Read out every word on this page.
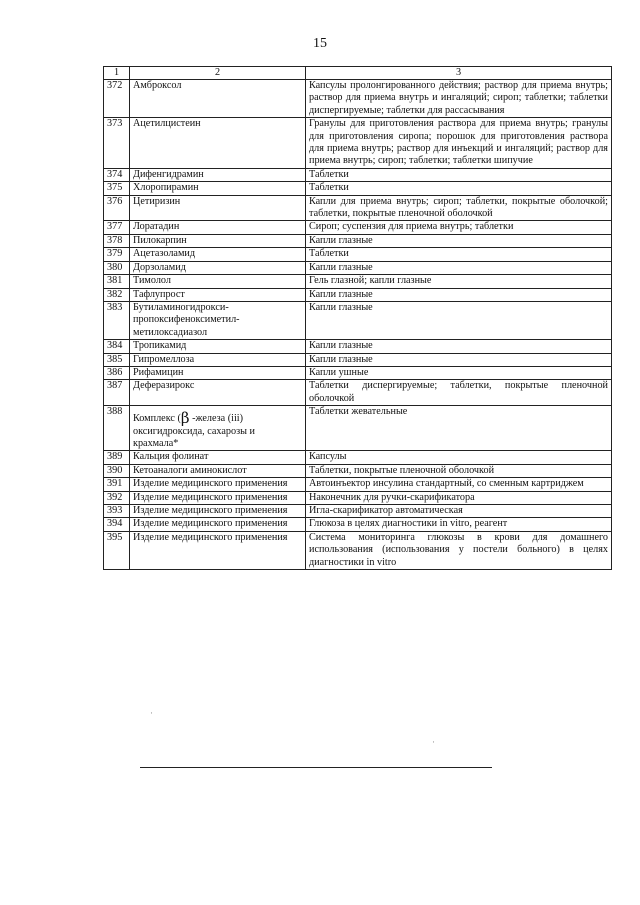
15
1	2	3
372	Амброксол	Капсулы пролонгированного действия; раствор для приема внутрь; раствор для приема внутрь и ингаляций; сироп; таблетки; таблетки диспергируемые; таблетки для рассасывания
373	Ацетилцистеин	Гранулы для приготовления раствора для приема внутрь; гранулы для приготовления сиропа; порошок для приготовления раствора для приема внутрь; раствор для инъекций и ингаляций; раствор для приема внутрь; сироп; таблетки; таблетки шипучие
374	Дифенгидрамин	Таблетки
375	Хлоропирамин	Таблетки
376	Цетиризин	Капли для приема внутрь; сироп; таблетки, покрытые оболочкой; таблетки, покрытые пленочной оболочкой
377	Лоратадин	Сироп; суспензия для приема внутрь; таблетки
378	Пилокарпин	Капли глазные
379	Ацетазоламид	Таблетки
380	Дорзоламид	Капли глазные
381	Тимолол	Гель глазной; капли глазные
382	Тафлупрост	Капли глазные
383	Бутиламиногидрокси-пропоксифеноксиметил-метилоксадиазол	Капли глазные
384	Тропикамид	Капли глазные
385	Гипромеллоза	Капли глазные
386	Рифамицин	Капли ушные
387	Деферазирокс	Таблетки диспергируемые; таблетки, покрытые пленочной оболочкой
388	Комплекс (β -железа (iii) оксигидроксида, сахарозы и крахмала*	Таблетки жевательные
389	Кальция фолинат	Капсулы
390	Кетоаналоги аминокислот	Таблетки, покрытые пленочной оболочкой
391	Изделие медицинского применения	Автоинъектор инсулина стандартный, со сменным картриджем
392	Изделие медицинского применения	Наконечник для ручки-скарификатора
393	Изделие медицинского применения	Игла-скарификатор автоматическая
394	Изделие медицинского применения	Глюкоза в целях диагностики in vitro, реагент
395	Изделие медицинского применения	Система мониторинга глюкозы в крови для домашнего использования (использования у постели больного) в целях диагностики in vitro
·
·
